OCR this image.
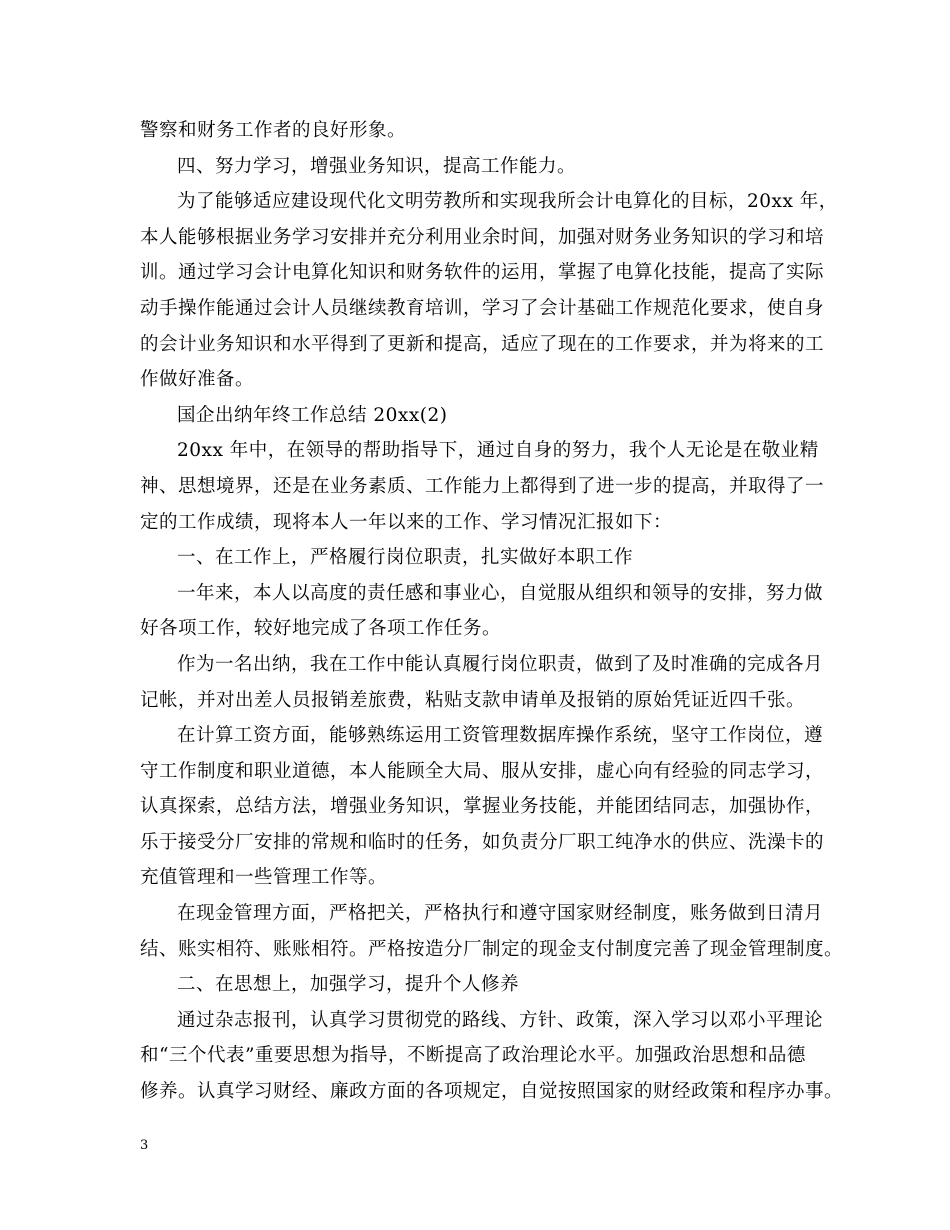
警察和财务工作者的良好形象。

四、努力学习，增强业务知识，提高工作能力。

为了能够适应建设现代化文明劳教所和实现我所会计电算化的目标，20xx 年，

本人能够根据业务学习安排并充分利用业余时间，加强对财务业务知识的学习和培

训。通过学习会计电算化知识和财务软件的运用，掌握了电算化技能，提高了实际

动手操作能通过会计人员继续教育培训，学习了会计基础工作规范化要求，使自身

的会计业务知识和水平得到了更新和提高，适应了现在的工作要求，并为将来的工

作做好准备。

国企出纳年终工作总结 20xx(2)

20xx 年中，在领导的帮助指导下，通过自身的努力，我个人无论是在敬业精

神、思想境界，还是在业务素质、工作能力上都得到了进一步的提高，并取得了一

定的工作成绩，现将本人一年以来的工作、学习情况汇报如下：

一、在工作上，严格履行岗位职责，扎实做好本职工作

一年来，本人以高度的责任感和事业心，自觉服从组织和领导的安排，努力做

好各项工作，较好地完成了各项工作任务。

作为一名出纳，我在工作中能认真履行岗位职责，做到了及时准确的完成各月

记帐，并对出差人员报销差旅费，粘贴支款申请单及报销的原始凭证近四千张。

在计算工资方面，能够熟练运用工资管理数据库操作系统，坚守工作岗位，遵

守工作制度和职业道德，本人能顾全大局、服从安排，虚心向有经验的同志学习，

认真探索，总结方法，增强业务知识，掌握业务技能，并能团结同志，加强协作，

乐于接受分厂安排的常规和临时的任务，如负责分厂职工纯净水的供应、洗澡卡的

充值管理和一些管理工作等。

在现金管理方面，严格把关，严格执行和遵守国家财经制度，账务做到日清月

结、账实相符、账账相符。严格按造分厂制定的现金支付制度完善了现金管理制度。

二、在思想上，加强学习，提升个人修养

通过杂志报刊，认真学习贯彻党的路线、方针、政策，深入学习以邓小平理论

和“三个代表”重要思想为指导，不断提高了政治理论水平。加强政治思想和品德

修养。认真学习财经、廉政方面的各项规定，自觉按照国家的财经政策和程序办事。

3
